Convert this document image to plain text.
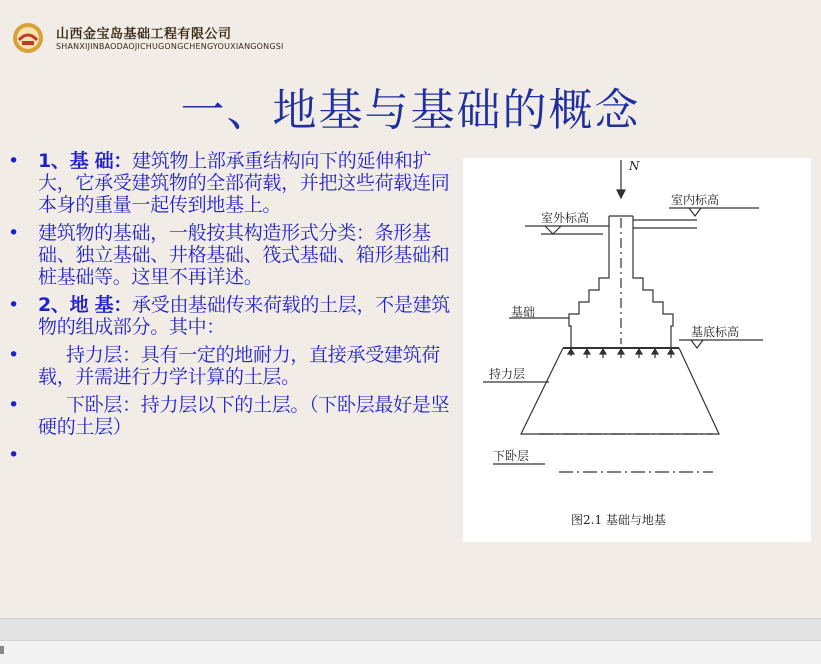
山西金宝岛基础工程有限公司
SHANXIJINBAODAOJICHUGONGCHENGYOUXIANGONGSI
一、地基与基础的概念
• 1、基 础：建筑物上部承重结构向下的延伸和扩大，它承受建筑物的全部荷载，并把这些荷载连同本身的重量一起传到地基上。
• 建筑物的基础，一般按其构造形式分类：条形基础、独立基础、井格基础、筏式基础、箱形基础和桩基础等。这里不再详述。
• 2、地 基：承受由基础传来荷载的土层，不是建筑物的组成部分。其中：
• 持力层：具有一定的地耐力，直接承受建筑荷载，并需进行力学计算的土层。
• 下卧层：持力层以下的土层。（下卧层最好是坚硬的土层）
•
N
室外标高
室内标高
基础
基底标高
持力层
下卧层
图2.1 基础与地基
